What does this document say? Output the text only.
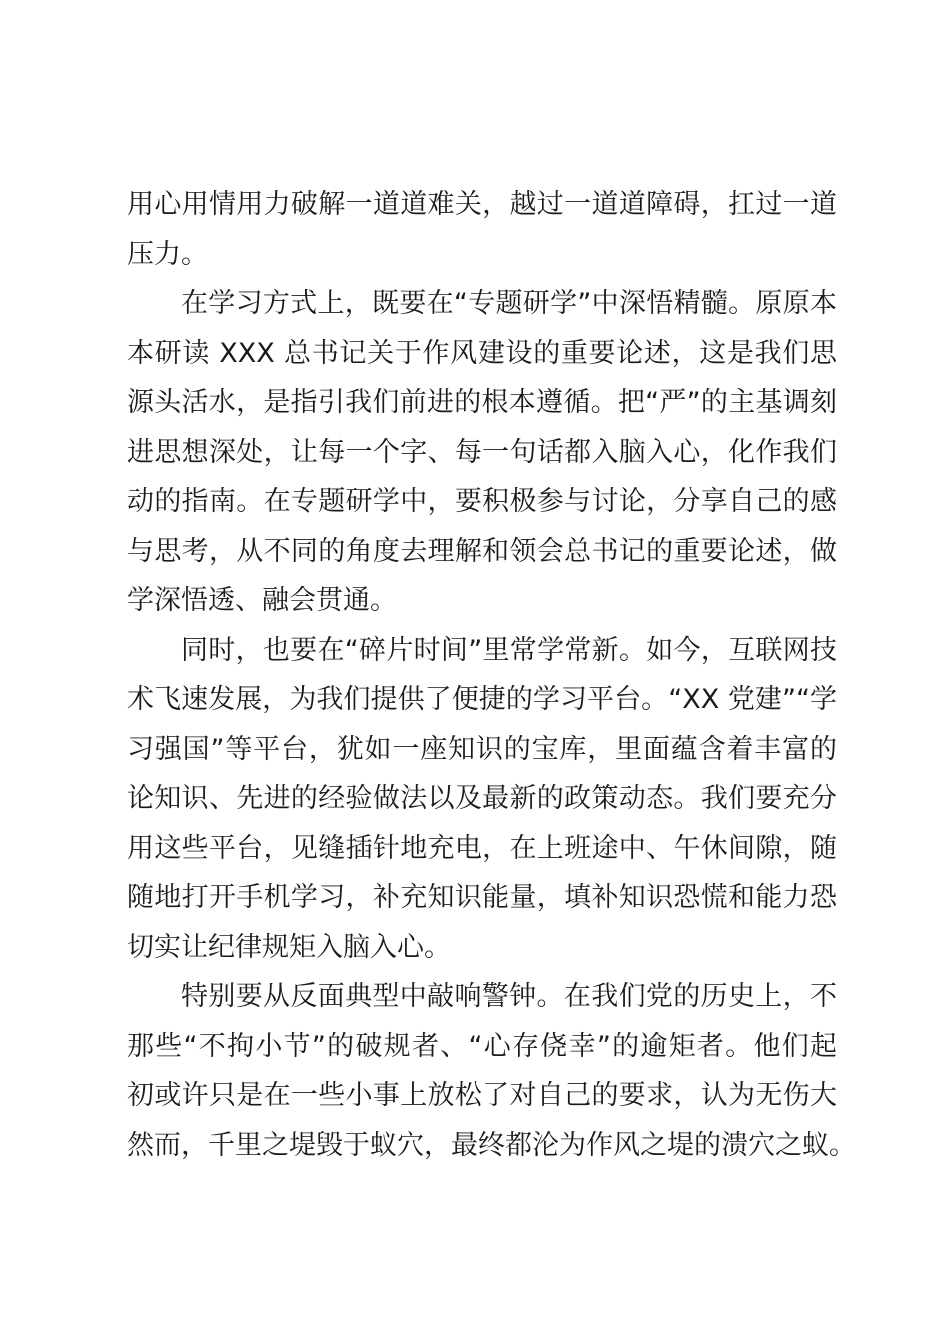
用心用情用力破解一道道难关，越过一道道障碍，扛过一道
压力。
在学习方式上，既要在“专题研学”中深悟精髓。原原本
本研读 XXX 总书记关于作风建设的重要论述，这是我们思
源头活水，是指引我们前进的根本遵循。把“严”的主基调刻
进思想深处，让每一个字、每一句话都入脑入心，化作我们
动的指南。在专题研学中，要积极参与讨论，分享自己的感
与思考，从不同的角度去理解和领会总书记的重要论述，做
学深悟透、融会贯通。
同时，也要在“碎片时间”里常学常新。如今，互联网技
术飞速发展，为我们提供了便捷的学习平台。“XX 党建”“学
习强国”等平台，犹如一座知识的宝库，里面蕴含着丰富的
论知识、先进的经验做法以及最新的政策动态。我们要充分
用这些平台，见缝插针地充电，在上班途中、午休间隙，随
随地打开手机学习，补充知识能量，填补知识恐慌和能力恐
切实让纪律规矩入脑入心。
特别要从反面典型中敲响警钟。在我们党的历史上，不
那些“不拘小节”的破规者、“心存侥幸”的逾矩者。他们起
初或许只是在一些小事上放松了对自己的要求，认为无伤大
然而，千里之堤毁于蚁穴，最终都沦为作风之堤的溃穴之蚁。
